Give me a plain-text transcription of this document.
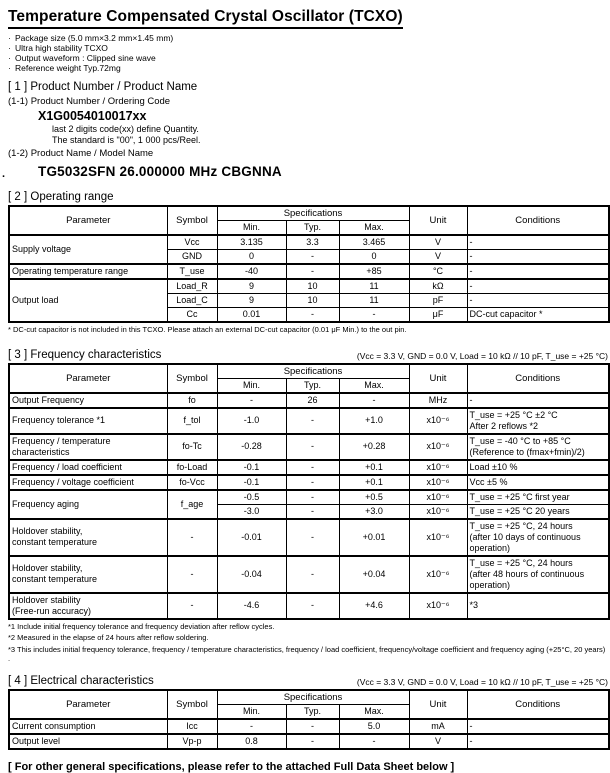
Temperature Compensated Crystal Oscillator (TCXO)
· Package size (5.0 mm×3.2 mm×1.45 mm)
· Ultra high stability TCXO
· Output waveform : Clipped sine wave
· Reference weight Typ.72mg
[ 1 ] Product Number / Product Name
(1-1) Product Number / Ordering Code
X1G0054010017xx
last 2 digits code(xx) define Quantity.
The standard is "00", 1 000 pcs/Reel.
(1-2) Product Name / Model Name
. TG5032SFN 26.000000 MHz CBGNNA
[ 2 ] Operating range
Parameter	Symbol	Specifications			Unit	Conditions
		Min.	Typ.	Max.		
Supply voltage	Vcc	3.135	3.3	3.465	V	-
	GND	0	-	0	V	-
Operating temperature range	T_use	-40	-	+85	°C	-
Output load	Load_R	9	10	11	kΩ	-
	Load_C	9	10	11	pF	-
	Cc	0.01	-	-	μF	DC-cut capacitor *
* DC-cut capacitor is not included in this TCXO. Please attach an external DC-cut capacitor (0.01 μF Min.) to the out pin.
[ 3 ] Frequency characteristics	(Vcc = 3.3 V, GND = 0.0 V, Load = 10 kΩ // 10 pF, T_use = +25 °C)
Parameter	Symbol	Specifications			Unit	Conditions
		Min.	Typ.	Max.		
Output Frequency	fo	-	26	-	MHz	-
Frequency tolerance *1	f_tol	-1.0	-	+1.0	x10⁻⁶	T_use = +25 °C ±2 °C
After 2 reflows *2
Frequency / temperature
characteristics	fo-Tc	-0.28	-	+0.28	x10⁻⁶	T_use = -40 °C to +85 °C
(Reference to (fmax+fmin)/2)
Frequency / load coefficient	fo-Load	-0.1	-	+0.1	x10⁻⁶	Load ±10 %
Frequency / voltage coefficient	fo-Vcc	-0.1	-	+0.1	x10⁻⁶	Vcc ±5 %
Frequency aging	f_age	-0.5	-	+0.5	x10⁻⁶	T_use = +25 °C first year
		-3.0	-	+3.0	x10⁻⁶	T_use = +25 °C 20 years
Holdover stability,
constant temperature	-	-0.01	-	+0.01	x10⁻⁶	T_use = +25 °C, 24 hours
(after 10 days of continuous
operation)
Holdover stability,
constant temperature	-	-0.04	-	+0.04	x10⁻⁶	T_use = +25 °C, 24 hours
(after 48 hours of continuous
operation)
Holdover stability
(Free-run accuracy)	-	-4.6	-	+4.6	x10⁻⁶	*3
*1 Include initial frequency tolerance and frequency deviation after reflow cycles.
*2 Measured in the elapse of 24 hours after reflow soldering.
*3 This includes initial frequency tolerance, frequency / temperature characteristics, frequency / load coefficient, frequency/voltage coefficient and frequency aging (+25°C, 20 years) .
[ 4 ] Electrical characteristics	(Vcc = 3.3 V, GND = 0.0 V, Load = 10 kΩ // 10 pF, T_use = +25 °C)
Parameter	Symbol	Specifications			Unit	Conditions
		Min.	Typ.	Max.		
Current consumption	Icc	-	-	5.0	mA	-
Output level	Vp-p	0.8	-	-	V	-
[ For other general specifications, please refer to the attached Full Data Sheet below ]
